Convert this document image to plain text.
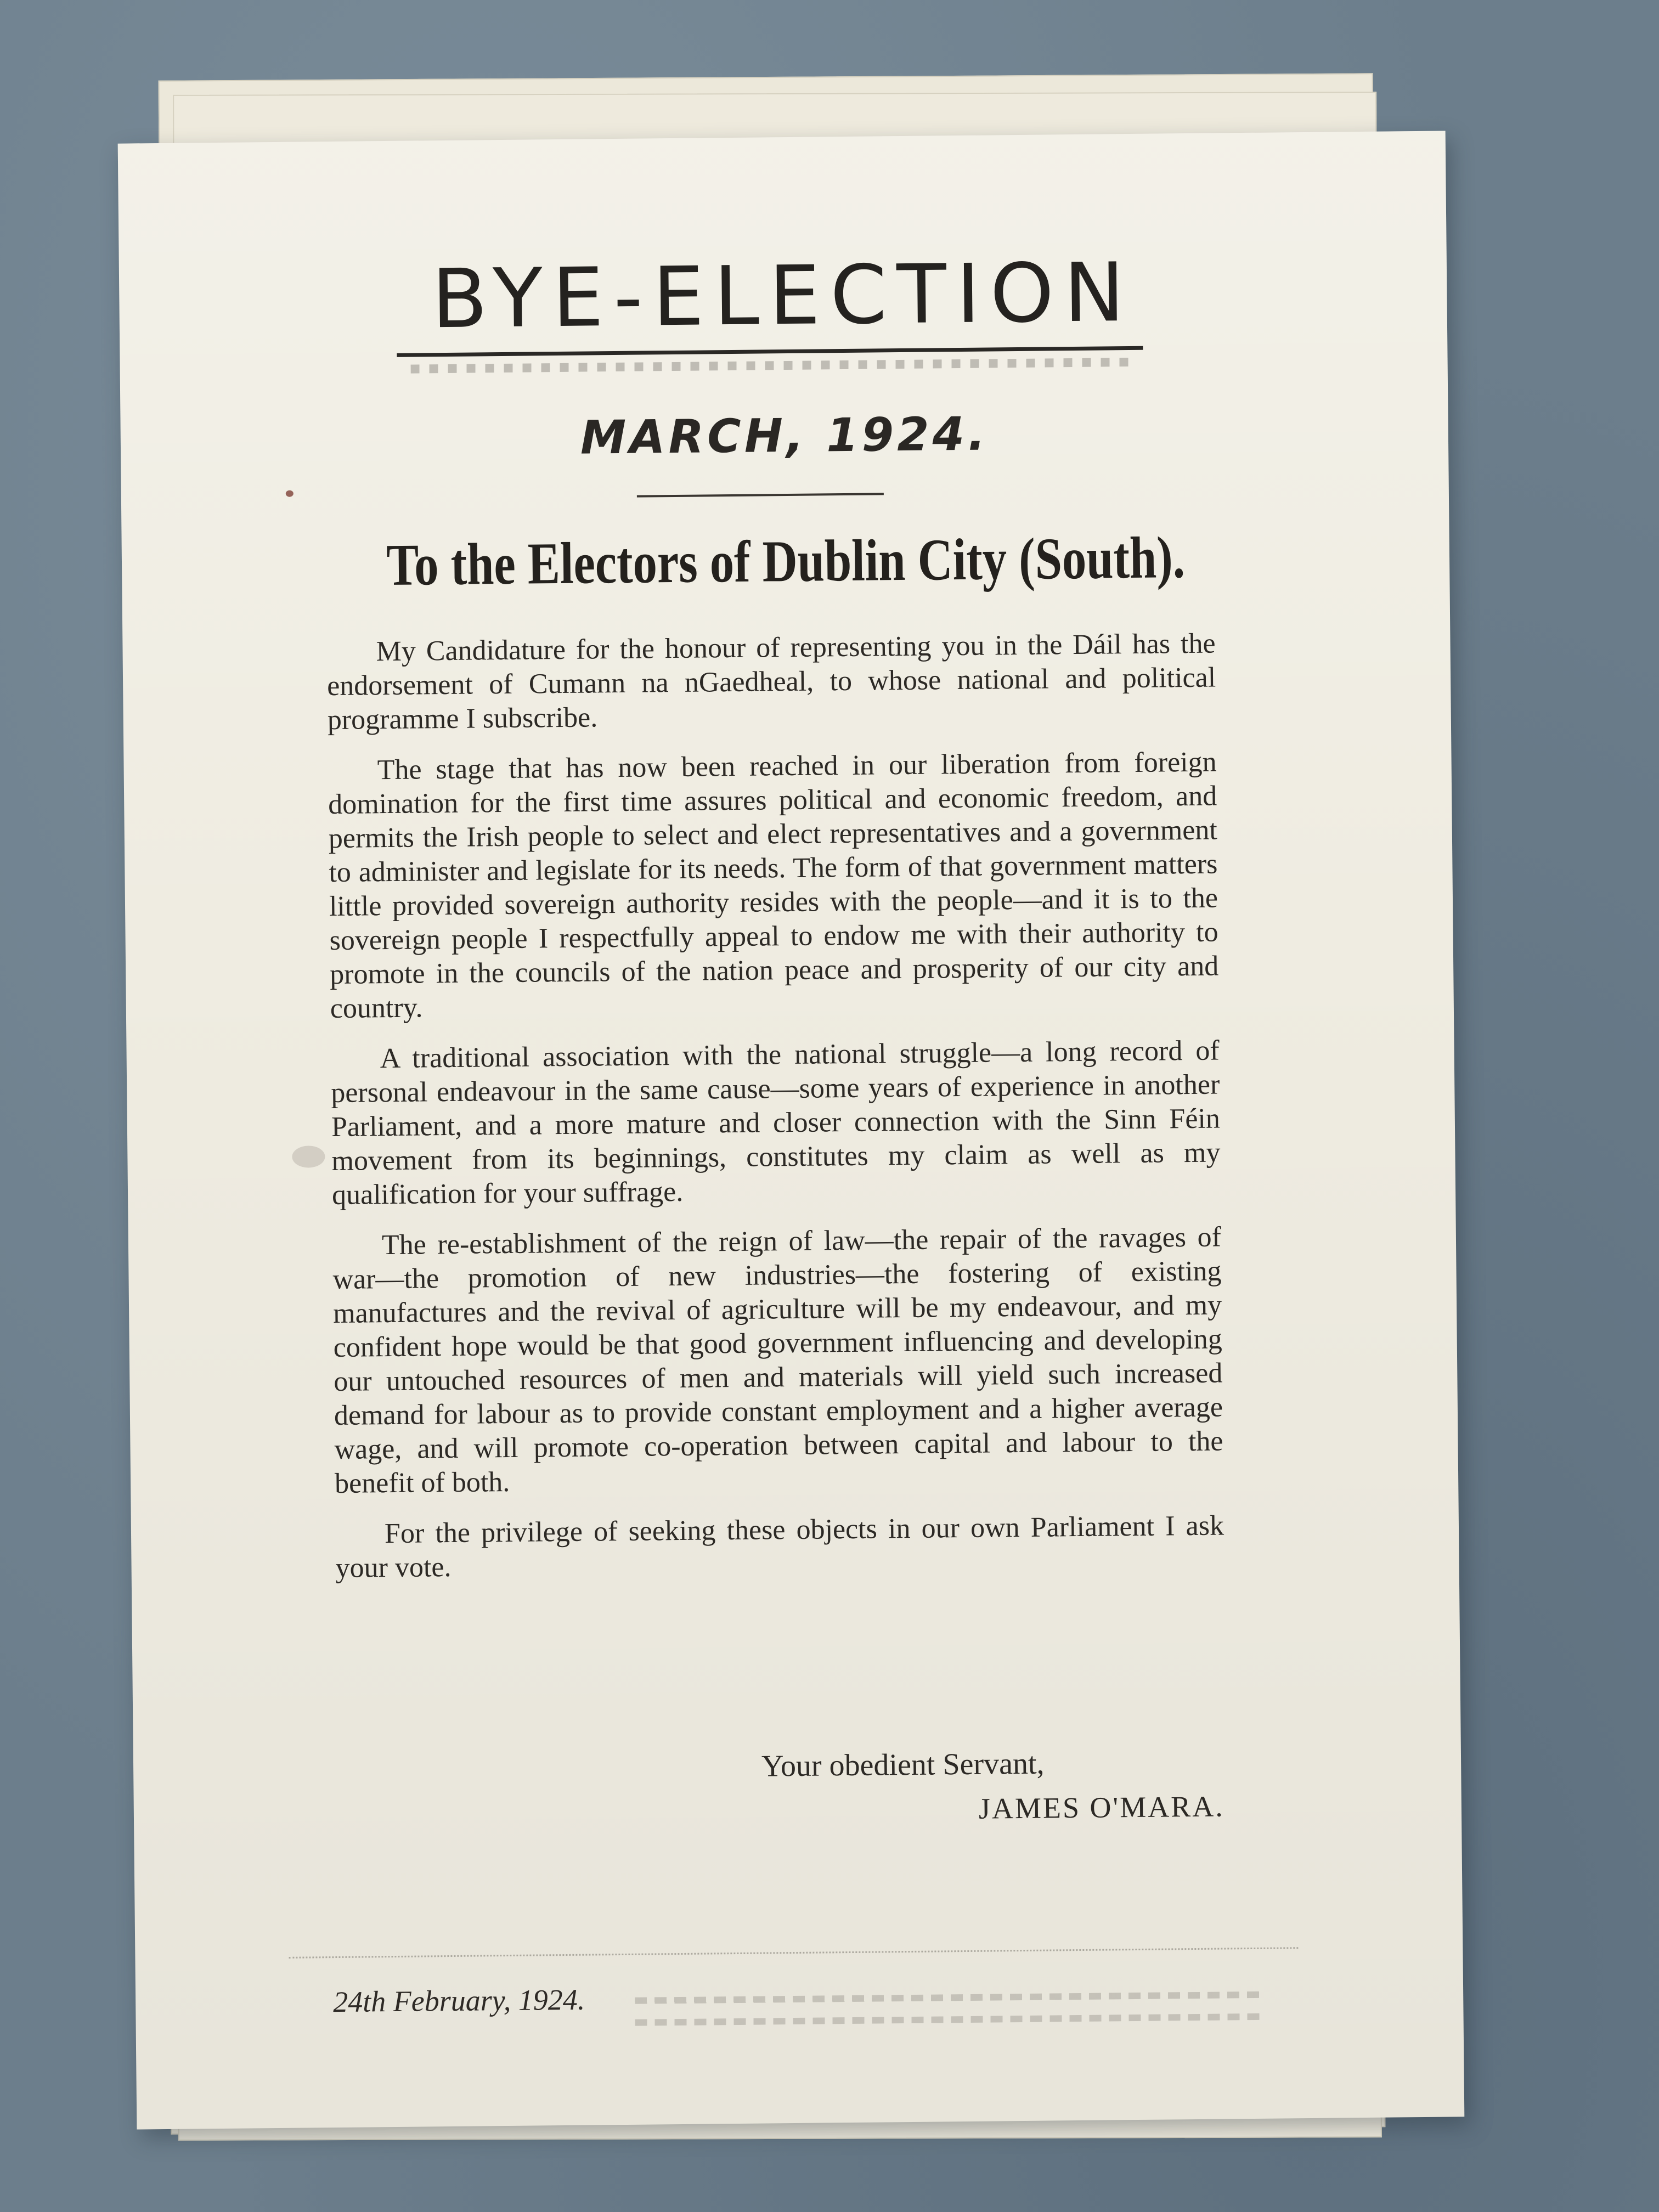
BYE-ELECTION
MARCH, 1924.
To the Electors of Dublin City (South).

My Candidature for the honour of representing you in the Dáil has the endorsement of Cumann na nGaedheal, to whose national and political programme I subscribe.

The stage that has now been reached in our liberation from foreign domination for the first time assures political and economic freedom, and permits the Irish people to select and elect representatives and a government to administer and legislate for its needs. The form of that government matters little provided sovereign authority resides with the people—and it is to the sovereign people I respectfully appeal to endow me with their authority to promote in the councils of the nation peace and prosperity of our city and country.

A traditional association with the national struggle—a long record of personal endeavour in the same cause—some years of experience in another Parliament, and a more mature and closer connection with the Sinn Féin movement from its beginnings, constitutes my claim as well as my qualification for your suffrage.

The re-establishment of the reign of law—the repair of the ravages of war—the promotion of new industries—the fostering of existing manufactures and the revival of agriculture will be my endeavour, and my confident hope would be that good government influencing and developing our untouched resources of men and materials will yield such increased demand for labour as to provide constant employment and a higher average wage, and will promote co-operation between capital and labour to the benefit of both.

For the privilege of seeking these objects in our own Parliament I ask your vote.

Your obedient Servant,
JAMES O'MARA.
24th February, 1924.
